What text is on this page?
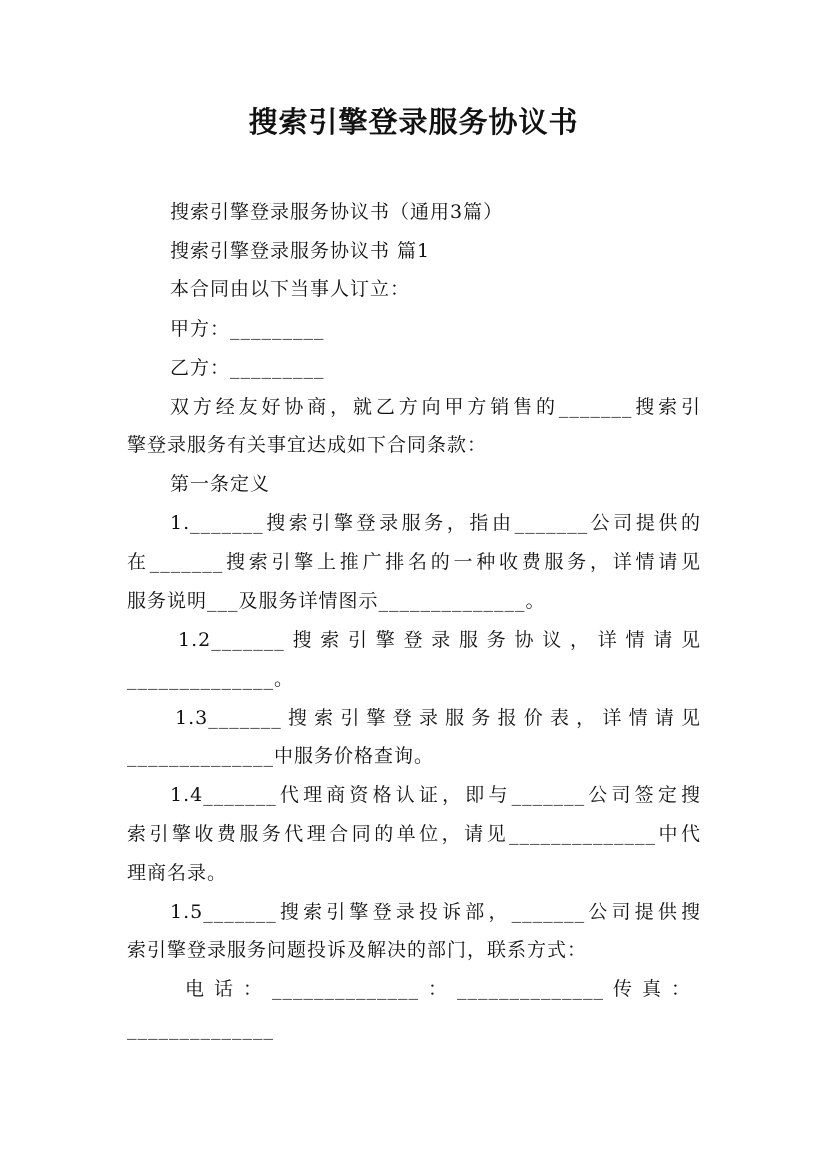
搜索引擎登录服务协议书
搜索引擎登录服务协议书（通用3篇）
搜索引擎登录服务协议书 篇1
本合同由以下当事人订立：
甲方：_________
乙方：_________
双方经友好协商，就乙方向甲方销售的_______搜索引
擎登录服务有关事宜达成如下合同条款：
第一条定义
1._______搜索引擎登录服务，指由_______公司提供的
在_______搜索引擎上推广排名的一种收费服务，详情请见
服务说明___及服务详情图示______________。
1.2_______搜索引擎登录服务协议，详情请见
______________。
1.3_______搜索引擎登录服务报价表，详情请见
______________中服务价格查询。
1.4_______代理商资格认证，即与_______公司签定搜
索引擎收费服务代理合同的单位，请见______________中代
理商名录。
1.5_______搜索引擎登录投诉部，_______公司提供搜
索引擎登录服务问题投诉及解决的部门，联系方式：
电话：______________：______________传真：
______________
